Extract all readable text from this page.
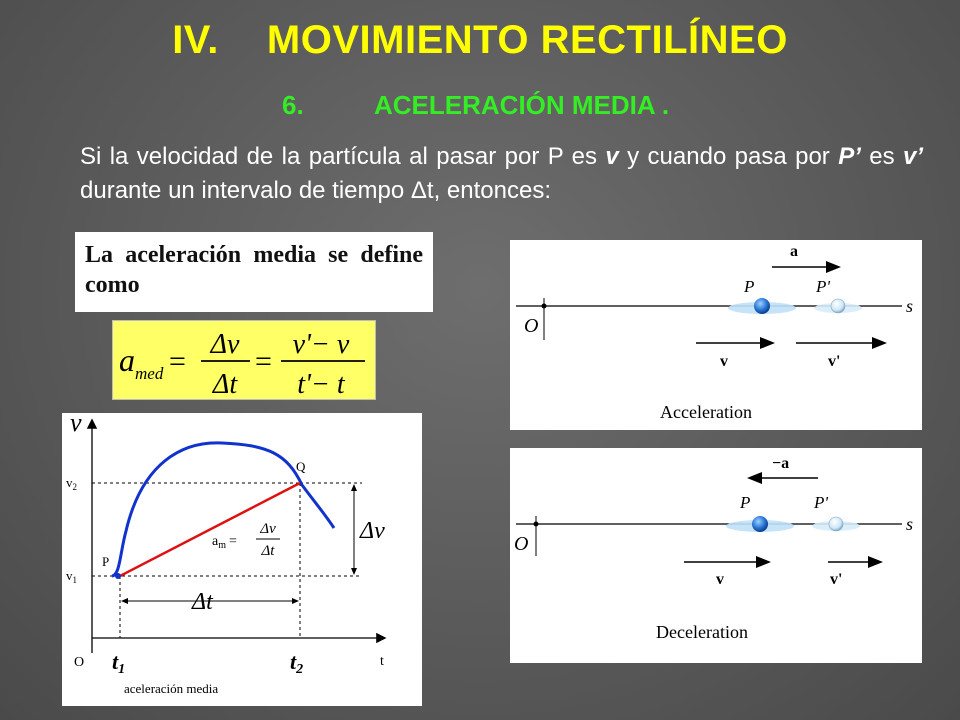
IV. MOVIMIENTO RECTILÍNEO
6.	ACELERACIÓN MEDIA .
Si la velocidad de la partícula al pasar por P es v y cuando pasa por P’ es v’ durante un intervalo de tiempo Δt, entonces:
La aceleración media se define como
a med =
Δv
Δt
=
v'− v
t'− t
v
t
O
$v_2$
$v_1$
t1	t2
P
Q
Δv
Δt
$a_m$ =
Δv
Δt
aceleración media
a
O
s
P	P'
v	v'
Acceleration
−a
O
s
P	P'
v	v'
Deceleration
